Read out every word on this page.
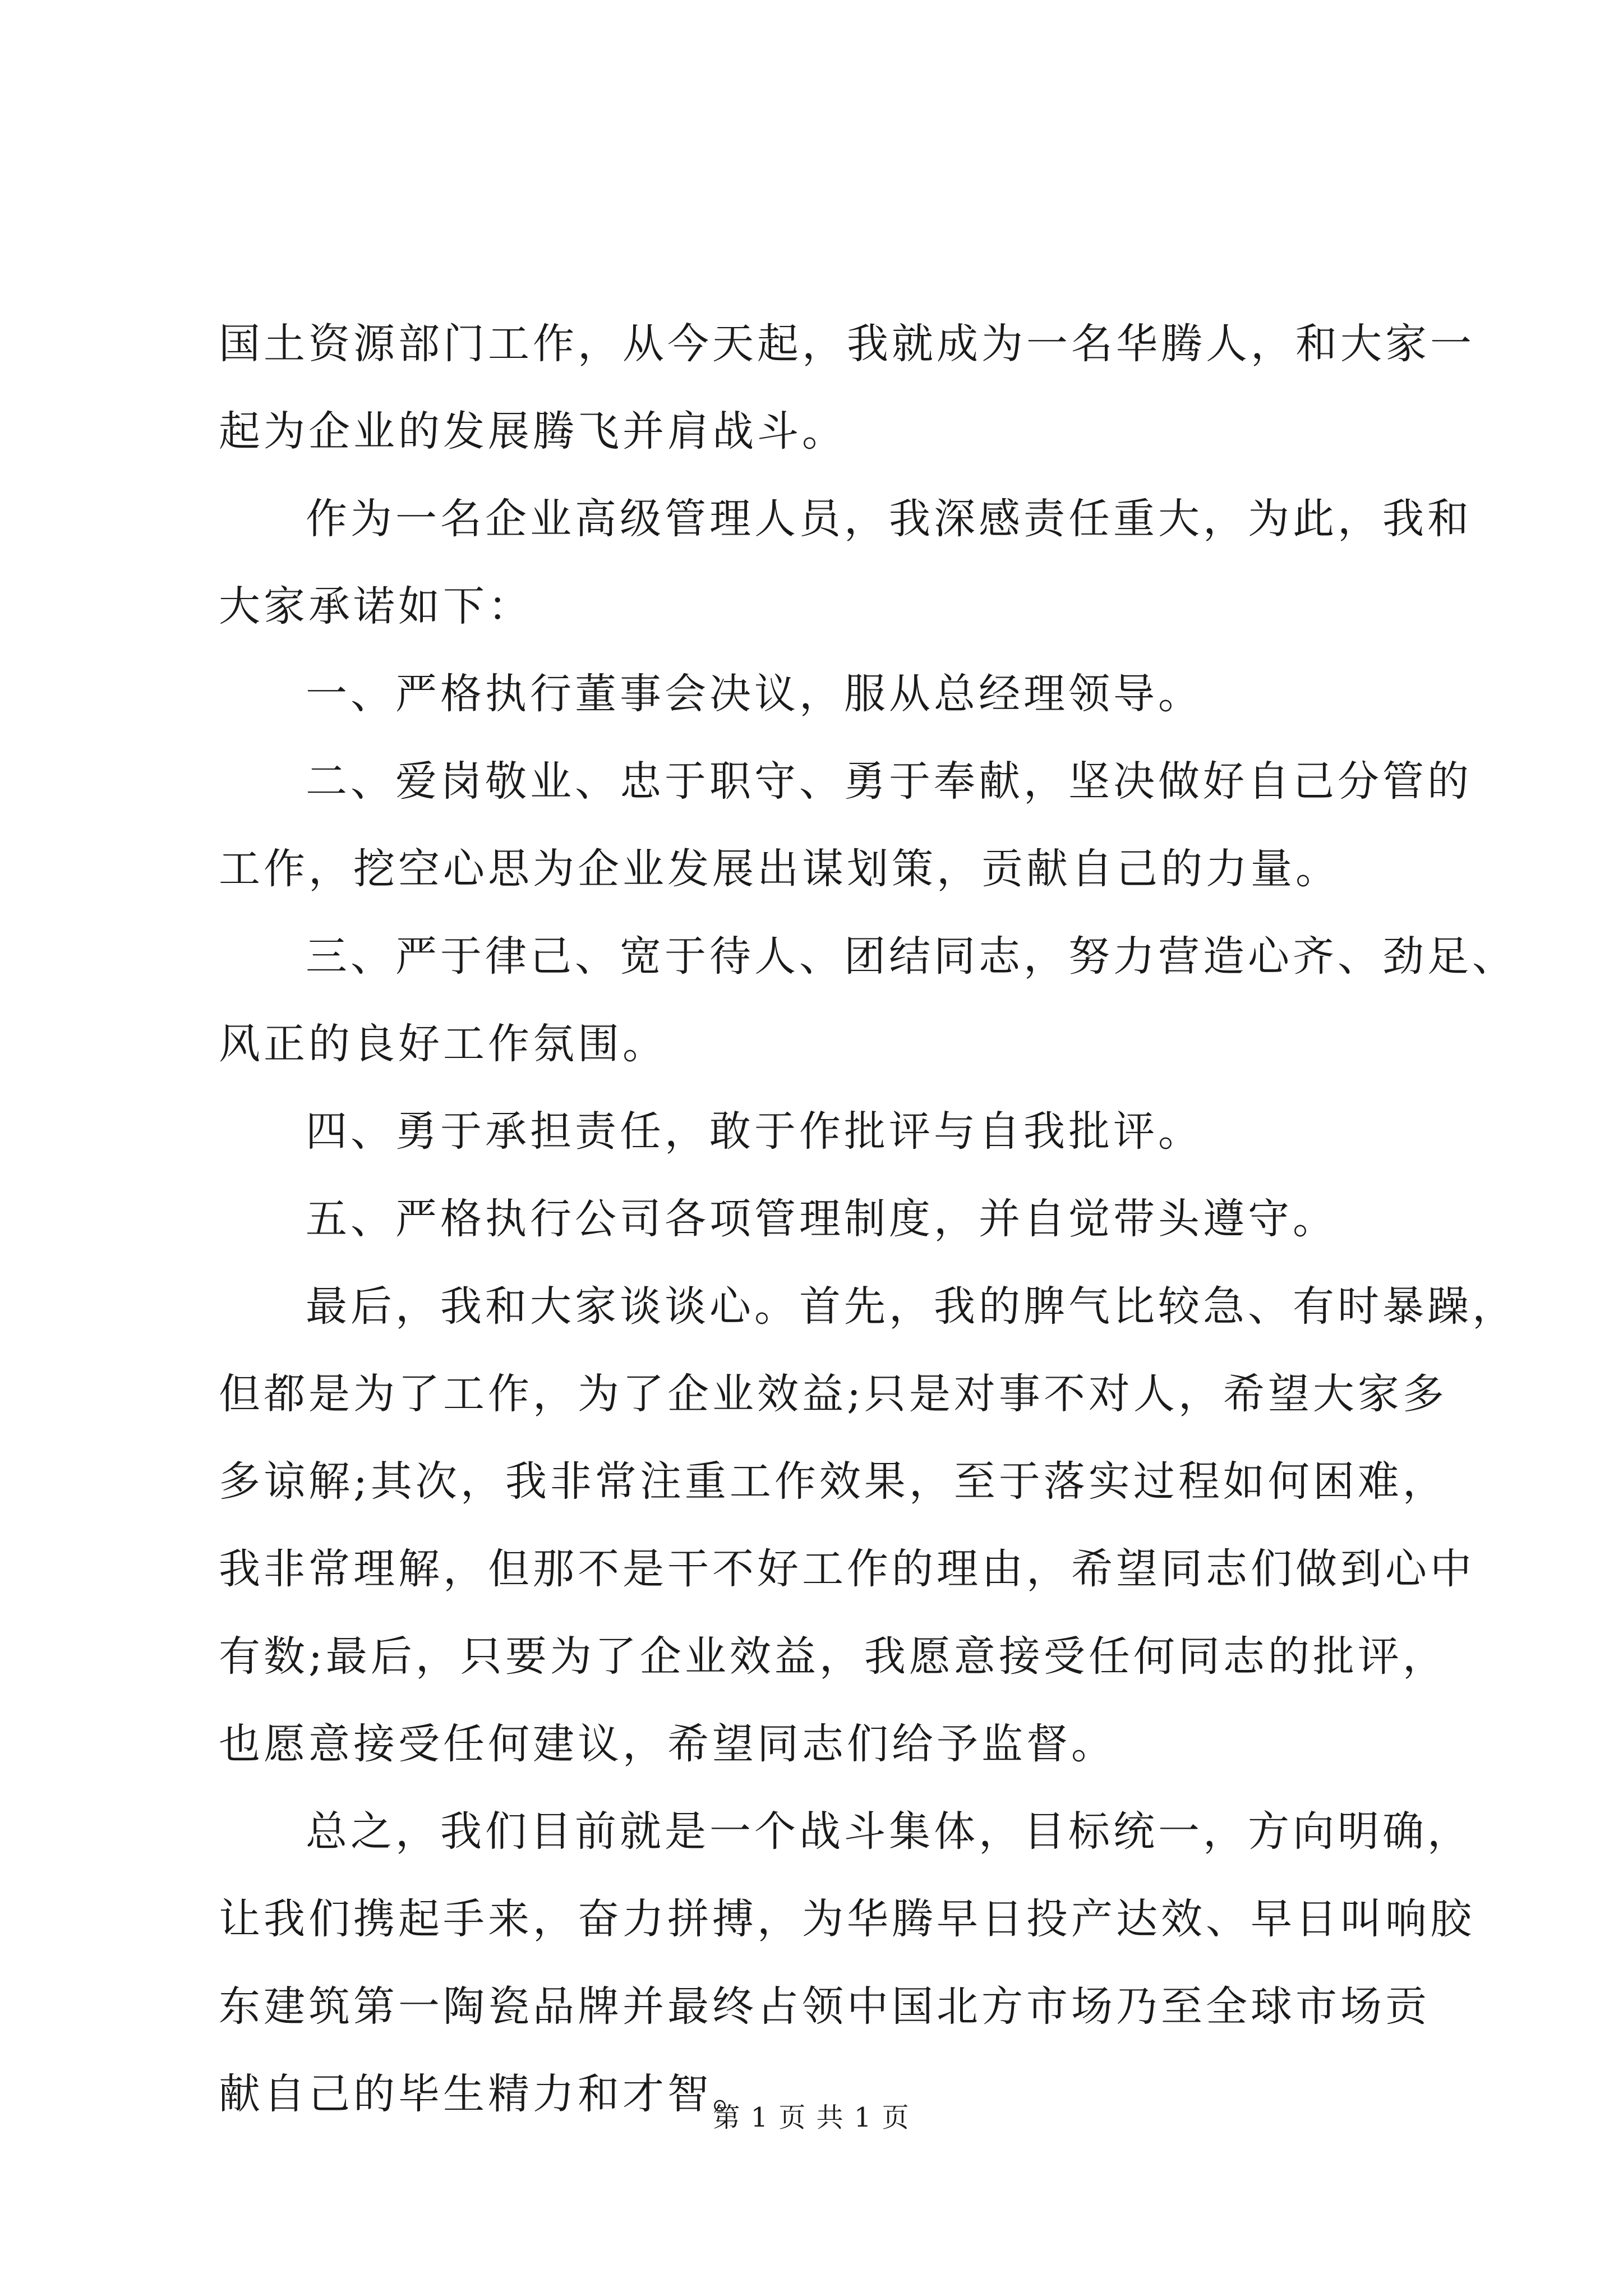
国土资源部门工作，从今天起，我就成为一名华腾人，和大家一
起为企业的发展腾飞并肩战斗。
作为一名企业高级管理人员，我深感责任重大，为此，我和
大家承诺如下：
一、严格执行董事会决议，服从总经理领导。
二、爱岗敬业、忠于职守、勇于奉献，坚决做好自己分管的
工作，挖空心思为企业发展出谋划策，贡献自己的力量。
三、严于律己、宽于待人、团结同志，努力营造心齐、劲足、
风正的良好工作氛围。
四、勇于承担责任，敢于作批评与自我批评。
五、严格执行公司各项管理制度，并自觉带头遵守。
最后，我和大家谈谈心。首先，我的脾气比较急、有时暴躁，
但都是为了工作，为了企业效益;只是对事不对人，希望大家多
多谅解;其次，我非常注重工作效果，至于落实过程如何困难，
我非常理解，但那不是干不好工作的理由，希望同志们做到心中
有数;最后，只要为了企业效益，我愿意接受任何同志的批评，
也愿意接受任何建议，希望同志们给予监督。
总之，我们目前就是一个战斗集体，目标统一，方向明确，
让我们携起手来，奋力拼搏，为华腾早日投产达效、早日叫响胶
东建筑第一陶瓷品牌并最终占领中国北方市场乃至全球市场贡
献自己的毕生精力和才智。
第 1 页 共 1 页
